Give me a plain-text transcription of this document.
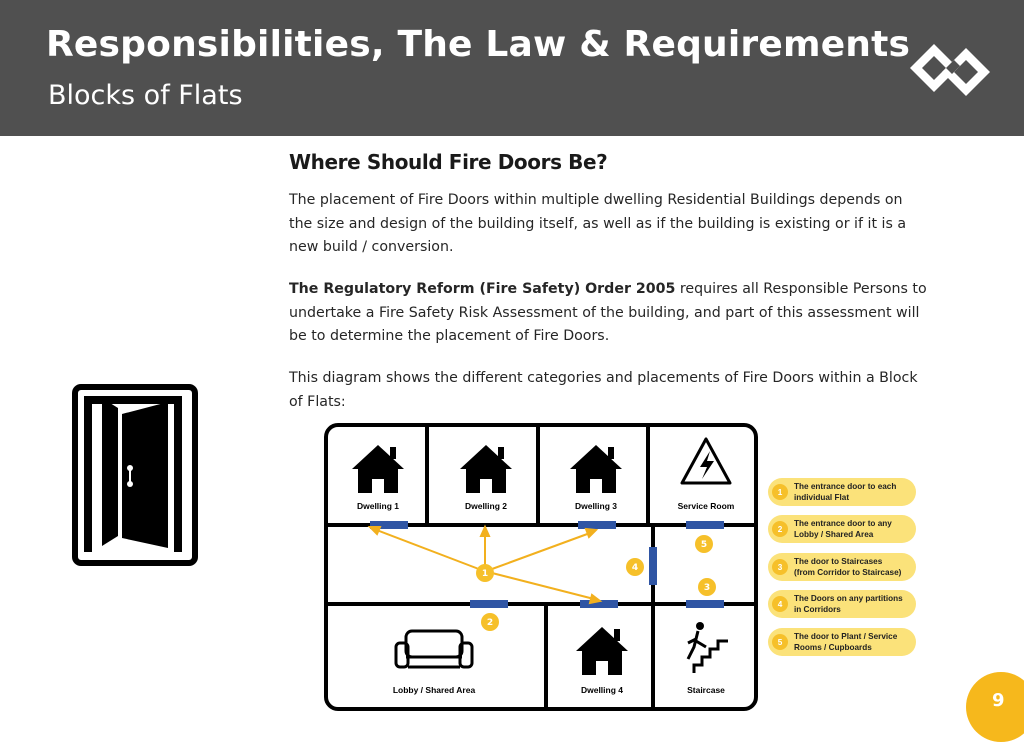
Responsibilities, The Law & Requirements
Blocks of Flats
Where Should Fire Doors Be?
The placement of Fire Doors within multiple dwelling Residential Buildings depends on the size and design of the building itself, as well as if the building is existing or if it is a new build / conversion.
The Regulatory Reform (Fire Safety) Order 2005 requires all Responsible Persons to undertake a Fire Safety Risk Assessment of the building, and part of this assessment will be to determine the placement of Fire Doors.
This diagram shows the different categories and placements of Fire Doors within a Block of Flats:
1
2
3
4
5
Dwelling 1	Dwelling 2	Dwelling 3	Service Room
Lobby / Shared Area	Dwelling 4	Staircase
1
The entrance door to each
individual Flat
2
The entrance door to any
Lobby / Shared Area
3
The door to Staircases
(from Corridor to Staircase)
4
The Doors on any partitions
in Corridors
5
The door to Plant / Service
Rooms / Cupboards
9
